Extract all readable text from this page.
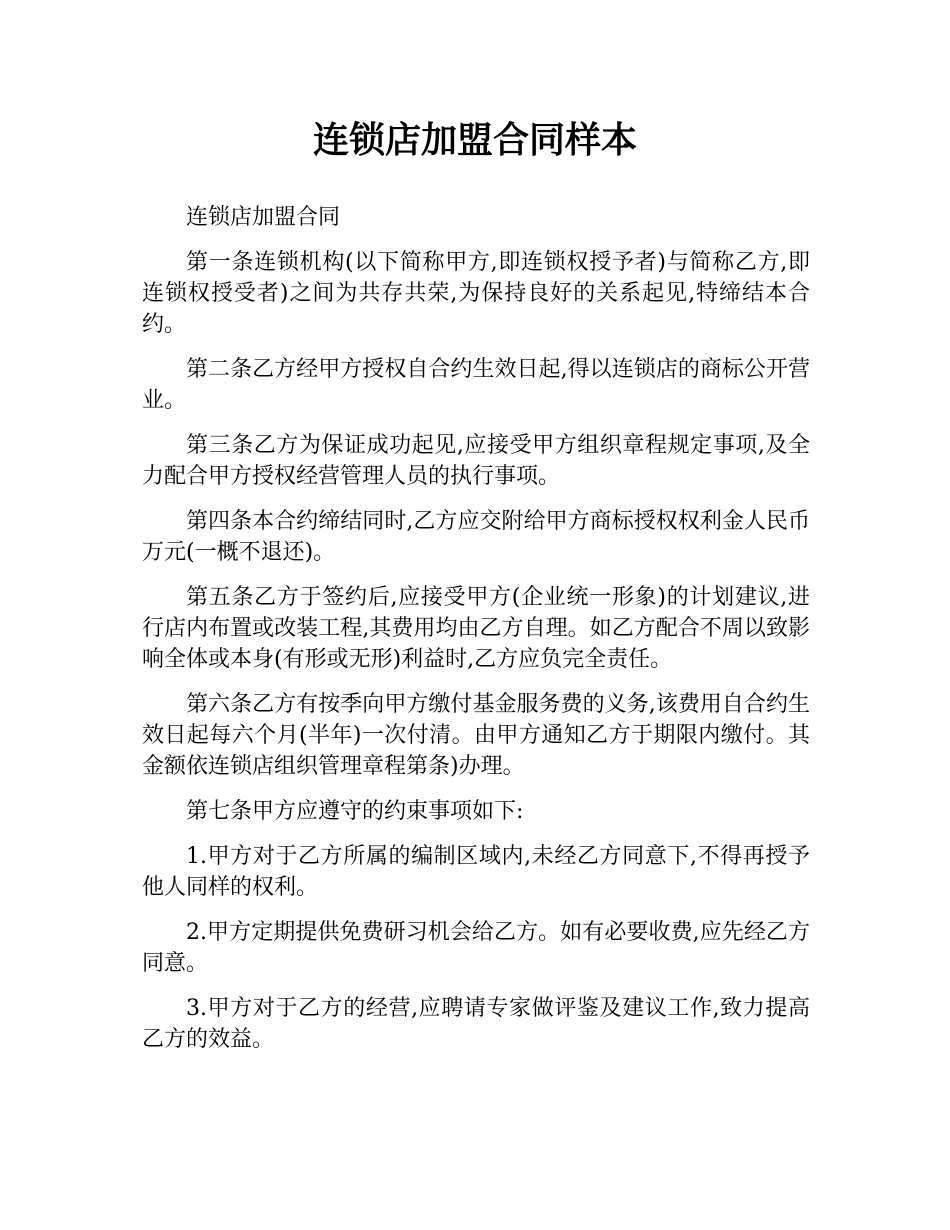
连锁店加盟合同样本

连锁店加盟合同

第一条连锁机构(以下简称甲方,即连锁权授予者)与简称乙方,即连锁权授受者)之间为共存共荣,为保持良好的关系起见,特缔结本合约。

第二条乙方经甲方授权自合约生效日起,得以连锁店的商标公开营业。

第三条乙方为保证成功起见,应接受甲方组织章程规定事项,及全力配合甲方授权经营管理人员的执行事项。

第四条本合约缔结同时,乙方应交附给甲方商标授权权利金人民币万元(一概不退还)。

第五条乙方于签约后,应接受甲方(企业统一形象)的计划建议,进行店内布置或改装工程,其费用均由乙方自理。如乙方配合不周以致影响全体或本身(有形或无形)利益时,乙方应负完全责任。

第六条乙方有按季向甲方缴付基金服务费的义务,该费用自合约生效日起每六个月(半年)一次付清。由甲方通知乙方于期限内缴付。其金额依连锁店组织管理章程第条)办理。

第七条甲方应遵守的约束事项如下:

1.甲方对于乙方所属的编制区域内,未经乙方同意下,不得再授予他人同样的权利。

2.甲方定期提供免费研习机会给乙方。如有必要收费,应先经乙方同意。

3.甲方对于乙方的经营,应聘请专家做评鉴及建议工作,致力提高乙方的效益。
